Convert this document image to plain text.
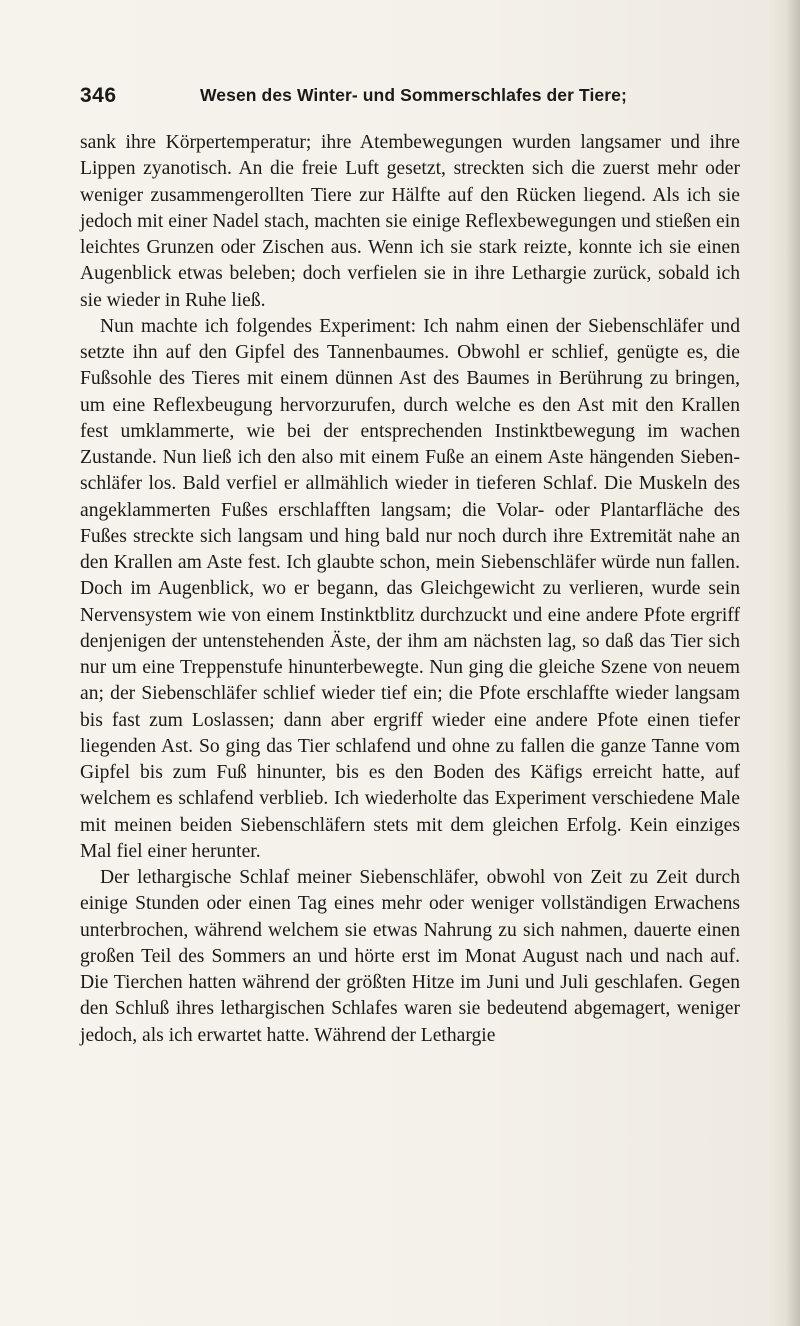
346	Wesen des Winter- und Sommerschlafes der Tiere;

sank ihre Körpertemperatur; ihre Atembewegungen wurden langsamer und ihre Lippen zyanotisch. An die freie Luft gesetzt, streckten sich die zuerst mehr oder weniger zusammengerollten Tiere zur Hälfte auf den Rücken liegend. Als ich sie jedoch mit einer Nadel stach, machten sie einige Reflexbewegungen und stießen ein leichtes Grunzen oder Zischen aus. Wenn ich sie stark reizte, konnte ich sie einen Augenblick etwas beleben; doch verfielen sie in ihre Lethargie zurück, sobald ich sie wieder in Ruhe ließ.

Nun machte ich folgendes Experiment: Ich nahm einen der Siebenschläfer und setzte ihn auf den Gipfel des Tannenbaumes. Obwohl er schlief, genügte es, die Fußsohle des Tieres mit einem dünnen Ast des Baumes in Berührung zu bringen, um eine Reflexbeugung hervorzurufen, durch welche es den Ast mit den Krallen fest umklammerte, wie bei der entsprechenden Instinktbewegung im wachen Zustande. Nun ließ ich den also mit einem Fuße an einem Aste hängenden Siebenschläfer los. Bald verfiel er allmählich wieder in tieferen Schlaf. Die Muskeln des angeklammerten Fußes erschlafften langsam; die Volar- oder Plantarfläche des Fußes streckte sich langsam und hing bald nur noch durch ihre Extremität nahe an den Krallen am Aste fest. Ich glaubte schon, mein Siebenschläfer würde nun fallen. Doch im Augenblick, wo er begann, das Gleichgewicht zu verlieren, wurde sein Nervensystem wie von einem Instinktblitz durchzuckt und eine andere Pfote ergriff denjenigen der untenstehenden Äste, der ihm am nächsten lag, so daß das Tier sich nur um eine Treppenstufe hinunterbewegte. Nun ging die gleiche Szene von neuem an; der Siebenschläfer schlief wieder tief ein; die Pfote erschlaffte wieder langsam bis fast zum Loslassen; dann aber ergriff wieder eine andere Pfote einen tiefer liegenden Ast. So ging das Tier schlafend und ohne zu fallen die ganze Tanne vom Gipfel bis zum Fuß hinunter, bis es den Boden des Käfigs erreicht hatte, auf welchem es schlafend verblieb. Ich wiederholte das Experiment verschiedene Male mit meinen beiden Siebenschläfern stets mit dem gleichen Erfolg. Kein einziges Mal fiel einer herunter.

Der lethargische Schlaf meiner Siebenschläfer, obwohl von Zeit zu Zeit durch einige Stunden oder einen Tag eines mehr oder weniger vollständigen Erwachens unterbrochen, während welchem sie etwas Nahrung zu sich nahmen, dauerte einen großen Teil des Sommers an und hörte erst im Monat August nach und nach auf. Die Tierchen hatten während der größten Hitze im Juni und Juli geschlafen. Gegen den Schluß ihres lethargischen Schlafes waren sie bedeutend abgemagert, weniger jedoch, als ich erwartet hatte. Während der Lethargie
